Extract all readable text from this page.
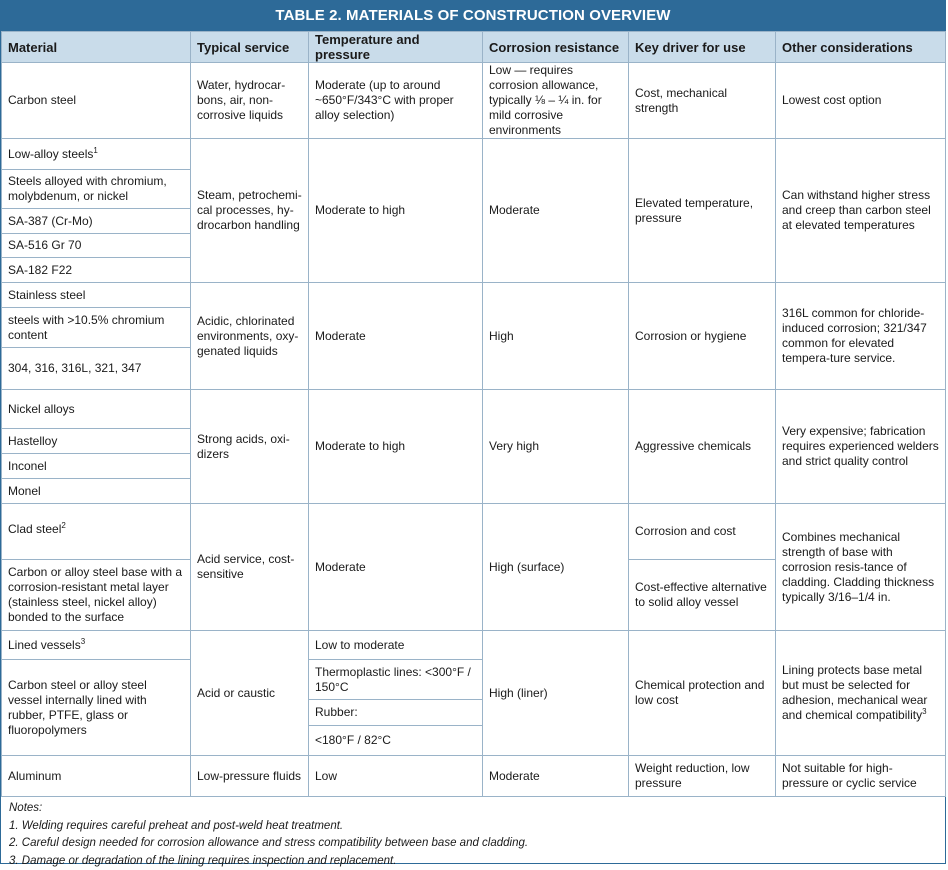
TABLE 2. MATERIALS OF CONSTRUCTION OVERVIEW
Material	Typical service	Temperature and pressure	Corrosion resistance	Key driver for use	Other considerations
Carbon steel	Water, hydrocar-bons, air, non-corrosive liquids	Moderate (up to around ~650°F/343°C with proper alloy selection)	Low — requires corrosion allowance, typically ⅛ – ¼ in. for mild corrosive environments	Cost, mechanical strength	Lowest cost option
Low-alloy steels$^1$	Steam, petrochemi-cal processes, hy-drocarbon handling	Moderate to high	Moderate	Elevated temperature, pressure	Can withstand higher stress and creep than carbon steel at elevated temperatures
Steels alloyed with chromium, molybdenum, or nickel					
SA-387 (Cr-Mo)					
SA-516 Gr 70					
SA-182 F22					
Stainless steel	Acidic, chlorinated environments, oxy-genated liquids	Moderate	High	Corrosion or hygiene	316L common for chloride-induced corrosion; 321/347 common for elevated tempera-ture service.
steels with >10.5% chromium content					
304, 316, 316L, 321, 347					
Nickel alloys	Strong acids, oxi-dizers	Moderate to high	Very high	Aggressive chemicals	Very expensive; fabrication requires experienced welders and strict quality control
Hastelloy					
Inconel					
Monel					
Clad steel$^2$	Acid service, cost-sensitive	Moderate	High (surface)	Corrosion and cost	Combines mechanical strength of base with corrosion resis-tance of cladding. Cladding thickness typically 3/16–1/4 in.
Carbon or alloy steel base with a corrosion-resistant metal layer (stainless steel, nickel alloy) bonded to the surface				Cost-effective alternative to solid alloy vessel	
Lined vessels$^3$	Acid or caustic	Low to moderate	High (liner)	Chemical protection and low cost	Lining protects base metal but must be selected for adhesion, mechanical wear and chemical compatibility$^3$
Carbon steel or alloy steel vessel internally lined with rubber, PTFE, glass or fluoropolymers		Thermoplastic lines: <300°F / 150°C			
		Rubber:			
		<180°F / 82°C			
Aluminum	Low-pressure fluids	Low	Moderate	Weight reduction, low pressure	Not suitable for high-pressure or cyclic service
Notes:
1. Welding requires careful preheat and post-weld heat treatment.
2. Careful design needed for corrosion allowance and stress compatibility between base and cladding.
3. Damage or degradation of the lining requires inspection and replacement.
